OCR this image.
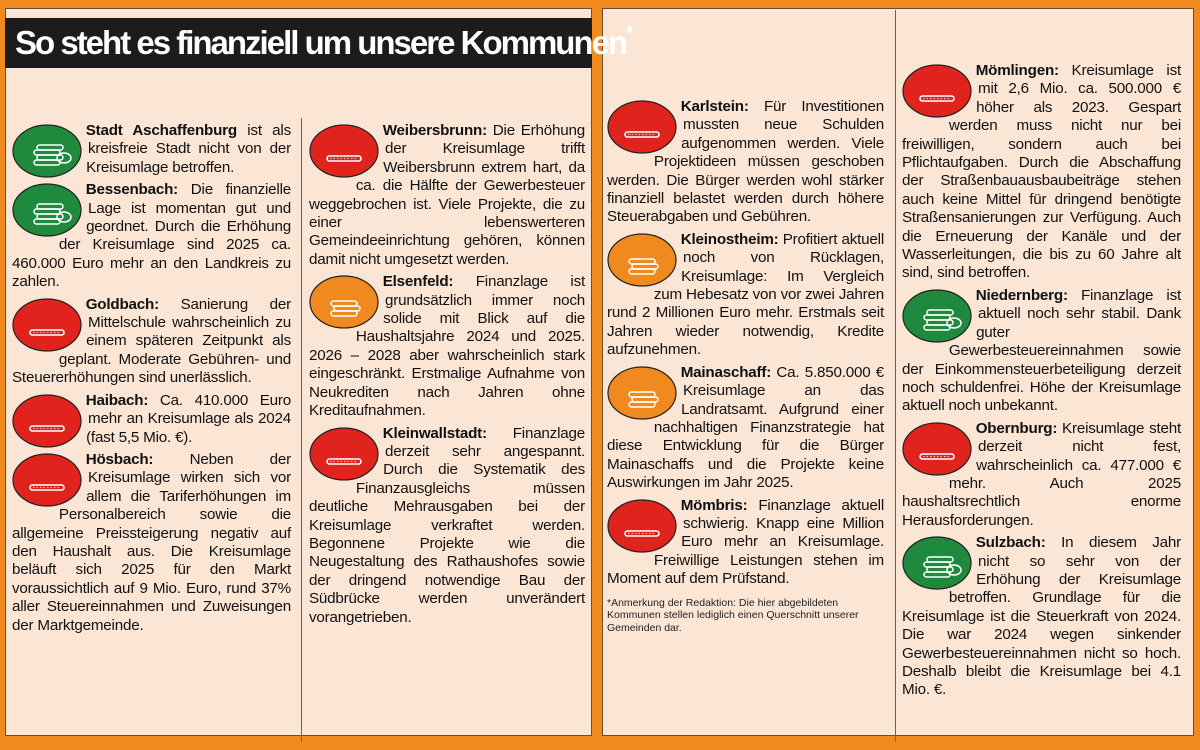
So steht es finanziell um unsere Kommunen*
Stadt Aschaffenburg ist als kreisfreie Stadt nicht von der Kreisumlage betroffen.
Bessenbach: Die finanzielle Lage ist momentan gut und geordnet. Durch die Erhöhung der Kreisumlage sind 2025 ca. 460.000 Euro mehr an den Landkreis zu zahlen.
Goldbach: Sanierung der Mittelschule wahrscheinlich zu einem späteren Zeitpunkt als geplant. Moderate Gebühren- und Steuererhöhungen sind unerlässlich.
Haibach: Ca. 410.000 Euro mehr an Kreisumlage als 2024 (fast 5,5 Mio. €).
Hösbach: Neben der Kreisumlage wirken sich vor allem die Tariferhöhungen im Personalbereich sowie die allgemeine Preissteigerung negativ auf den Haushalt aus. Die Kreisumlage beläuft sich 2025 für den Markt voraussichtlich auf 9 Mio. Euro, rund 37% aller Steuereinnahmen und Zuweisungen der Marktgemeinde.
Weibersbrunn: Die Erhöhung der Kreisumlage trifft Weibersbrunn extrem hart, da ca. die Hälfte der Gewerbesteuer weggebrochen ist. Viele Projekte, die zu einer lebenswerteren Gemeindeeinrichtung gehören, können damit nicht umgesetzt werden.
Elsenfeld: Finanzlage ist grundsätzlich immer noch solide mit Blick auf die Haushaltsjahre 2024 und 2025. 2026 – 2028 aber wahrscheinlich stark eingeschränkt. Erstmalige Aufnahme von Neukrediten nach Jahren ohne Kreditaufnahmen.
Kleinwallstadt: Finanzlage derzeit sehr angespannt. Durch die Systematik des Finanzausgleichs müssen deutliche Mehrausgaben bei der Kreisumlage verkraftet werden. Begonnene Projekte wie die Neugestaltung des Rathaushofes sowie der dringend notwendige Bau der Südbrücke werden unverändert vorangetrieben.
Karlstein: Für Investitionen mussten neue Schulden aufgenommen werden. Viele Projektideen müssen geschoben werden. Die Bürger werden wohl stärker finanziell belastet werden durch höhere Steuerabgaben und Gebühren.
Kleinostheim: Profitiert aktuell noch von Rücklagen, Kreisumlage: Im Vergleich zum Hebesatz von vor zwei Jahren rund 2 Millionen Euro mehr. Erstmals seit Jahren wieder notwendig, Kredite aufzunehmen.
Mainaschaff: Ca. 5.850.000 € Kreisumlage an das Landratsamt. Aufgrund einer nachhaltigen Finanzstrategie hat diese Entwicklung für die Bürger Mainaschaffs und die Projekte keine Auswirkungen im Jahr 2025.
Mömbris: Finanzlage aktuell schwierig. Knapp eine Million Euro mehr an Kreisumlage. Freiwillige Leistungen stehen im Moment auf dem Prüfstand.
*Anmerkung der Redaktion: Die hier abgebildeten Kommunen stellen lediglich einen Querschnitt unserer Gemeinden dar.
Mömlingen: Kreisumlage ist mit 2,6 Mio. ca. 500.000 € höher als 2023. Gespart werden muss nicht nur bei freiwilligen, sondern auch bei Pflichtaufgaben. Durch die Abschaffung der Straßenbauausbaubeiträge stehen auch keine Mittel für dringend benötigte Straßensanierungen zur Verfügung. Auch die Erneuerung der Kanäle und der Wasserleitungen, die bis zu 60 Jahre alt sind, sind betroffen.
Niedernberg: Finanzlage ist aktuell noch sehr stabil. Dank guter Gewerbesteuereinnahmen sowie der Einkommensteuerbeteiligung derzeit noch schuldenfrei. Höhe der Kreisumlage aktuell noch unbekannt.
Obernburg: Kreisumlage steht derzeit nicht fest, wahrscheinlich ca. 477.000 € mehr. Auch 2025 haushaltsrechtlich enorme Herausforderungen.
Sulzbach: In diesem Jahr nicht so sehr von der Erhöhung der Kreisumlage betroffen. Grundlage für die Kreisumlage ist die Steuerkraft von 2024. Die war 2024 wegen sinkender Gewerbesteuereinnahmen nicht so hoch. Deshalb bleibt die Kreisumlage bei 4.1 Mio. €.
